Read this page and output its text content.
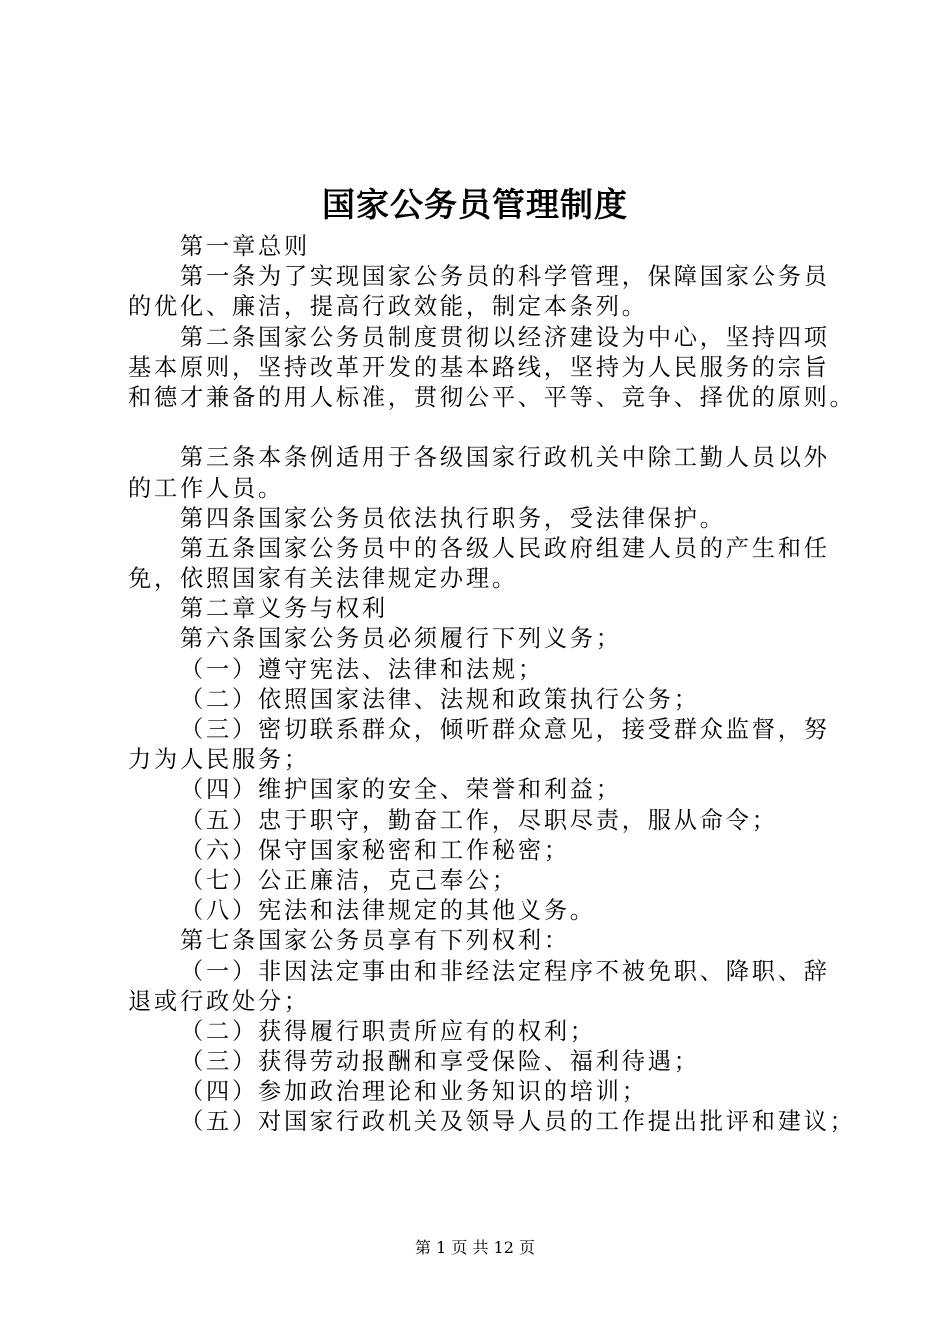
国家公务员管理制度
第一章总则
第一条为了实现国家公务员的科学管理，保障国家公务员
的优化、廉洁，提高行政效能，制定本条列。
第二条国家公务员制度贯彻以经济建设为中心，坚持四项
基本原则，坚持改革开发的基本路线，坚持为人民服务的宗旨
和德才兼备的用人标准，贯彻公平、平等、竞争、择优的原则。
第三条本条例适用于各级国家行政机关中除工勤人员以外
的工作人员。
第四条国家公务员依法执行职务，受法律保护。
第五条国家公务员中的各级人民政府组建人员的产生和任
免，依照国家有关法律规定办理。
第二章义务与权利
第六条国家公务员必须履行下列义务；
（一）遵守宪法、法律和法规；
（二）依照国家法律、法规和政策执行公务；
（三）密切联系群众，倾听群众意见，接受群众监督，努
力为人民服务；
（四）维护国家的安全、荣誉和利益；
（五）忠于职守，勤奋工作，尽职尽责，服从命令；
（六）保守国家秘密和工作秘密；
（七）公正廉洁，克己奉公；
（八）宪法和法律规定的其他义务。
第七条国家公务员享有下列权利：
（一）非因法定事由和非经法定程序不被免职、降职、辞
退或行政处分；
（二）获得履行职责所应有的权利；
（三）获得劳动报酬和享受保险、福利待遇；
（四）参加政治理论和业务知识的培训；
（五）对国家行政机关及领导人员的工作提出批评和建议；
第 1 页 共 12 页
